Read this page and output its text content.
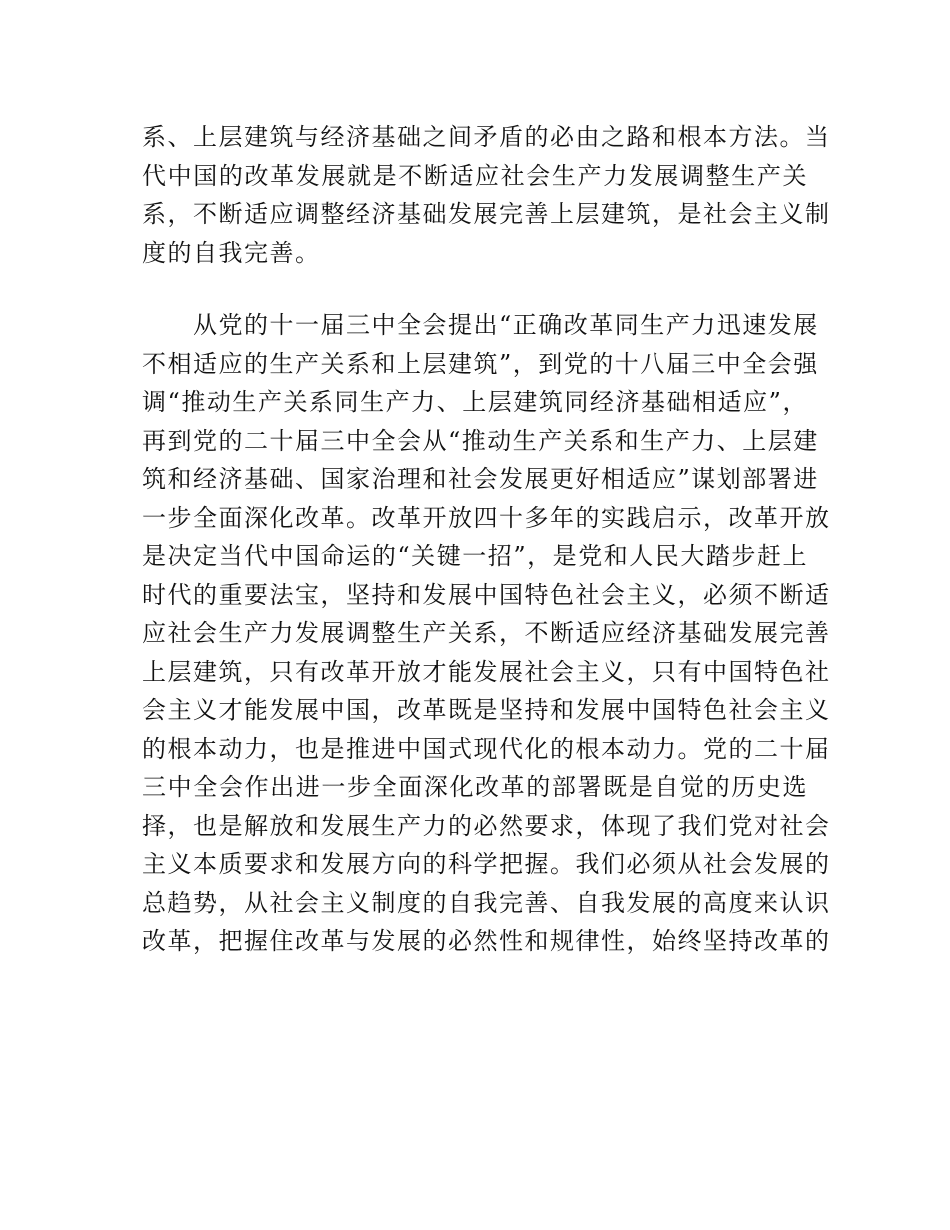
系、上层建筑与经济基础之间矛盾的必由之路和根本方法。当
代中国的改革发展就是不断适应社会生产力发展调整生产关
系，不断适应调整经济基础发展完善上层建筑，是社会主义制
度的自我完善。
　　从党的十一届三中全会提出“正确改革同生产力迅速发展
不相适应的生产关系和上层建筑”，到党的十八届三中全会强
调“推动生产关系同生产力、上层建筑同经济基础相适应”，
再到党的二十届三中全会从“推动生产关系和生产力、上层建
筑和经济基础、国家治理和社会发展更好相适应”谋划部署进
一步全面深化改革。改革开放四十多年的实践启示，改革开放
是决定当代中国命运的“关键一招”，是党和人民大踏步赶上
时代的重要法宝，坚持和发展中国特色社会主义，必须不断适
应社会生产力发展调整生产关系，不断适应经济基础发展完善
上层建筑，只有改革开放才能发展社会主义，只有中国特色社
会主义才能发展中国，改革既是坚持和发展中国特色社会主义
的根本动力，也是推进中国式现代化的根本动力。党的二十届
三中全会作出进一步全面深化改革的部署既是自觉的历史选
择，也是解放和发展生产力的必然要求，体现了我们党对社会
主义本质要求和发展方向的科学把握。我们必须从社会发展的
总趋势，从社会主义制度的自我完善、自我发展的高度来认识
改革，把握住改革与发展的必然性和规律性，始终坚持改革的
